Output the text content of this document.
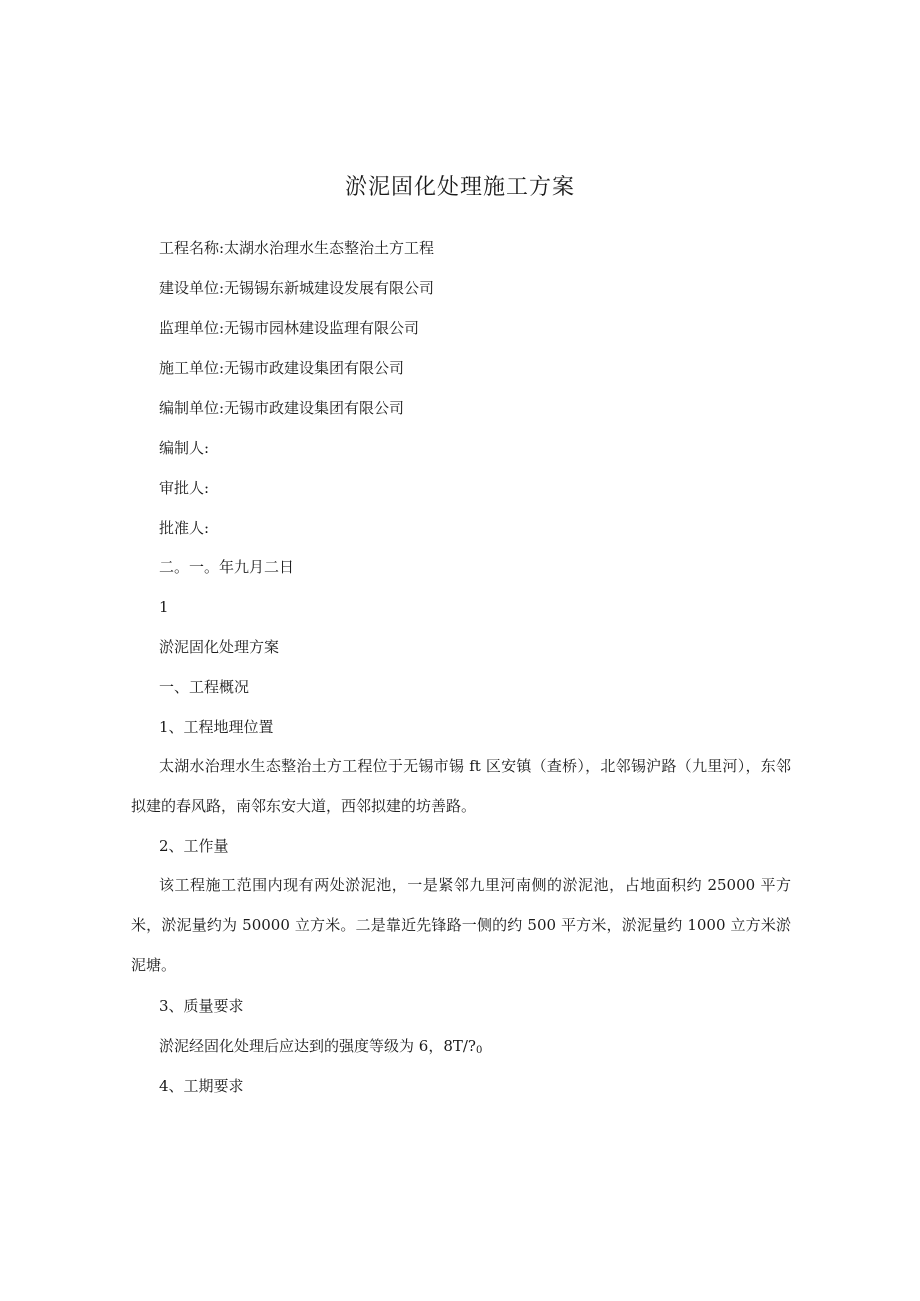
淤泥固化处理施工方案
工程名称:太湖水治理水生态整治土方工程
建设单位:无锡锡东新城建设发展有限公司
监理单位:无锡市园林建设监理有限公司
施工单位:无锡市政建设集团有限公司
编制单位:无锡市政建设集团有限公司
编制人:
审批人:
批准人:
二。一。年九月二日
1
淤泥固化处理方案
一、工程概况
1、工程地理位置
太湖水治理水生态整治土方工程位于无锡市锡 ft 区安镇（查桥），北邻锡沪路（九里河），东邻拟建的春风路，南邻东安大道，西邻拟建的坊善路。
2、工作量
该工程施工范围内现有两处淤泥池，一是紧邻九里河南侧的淤泥池，占地面积约 25000 平方米，淤泥量约为 50000 立方米。二是靠近先锋路一侧的约 500 平方米，淤泥量约 1000 立方米淤泥塘。
3、质量要求
淤泥经固化处理后应达到的强度等级为 6，$8T/?_0$
4、工期要求
